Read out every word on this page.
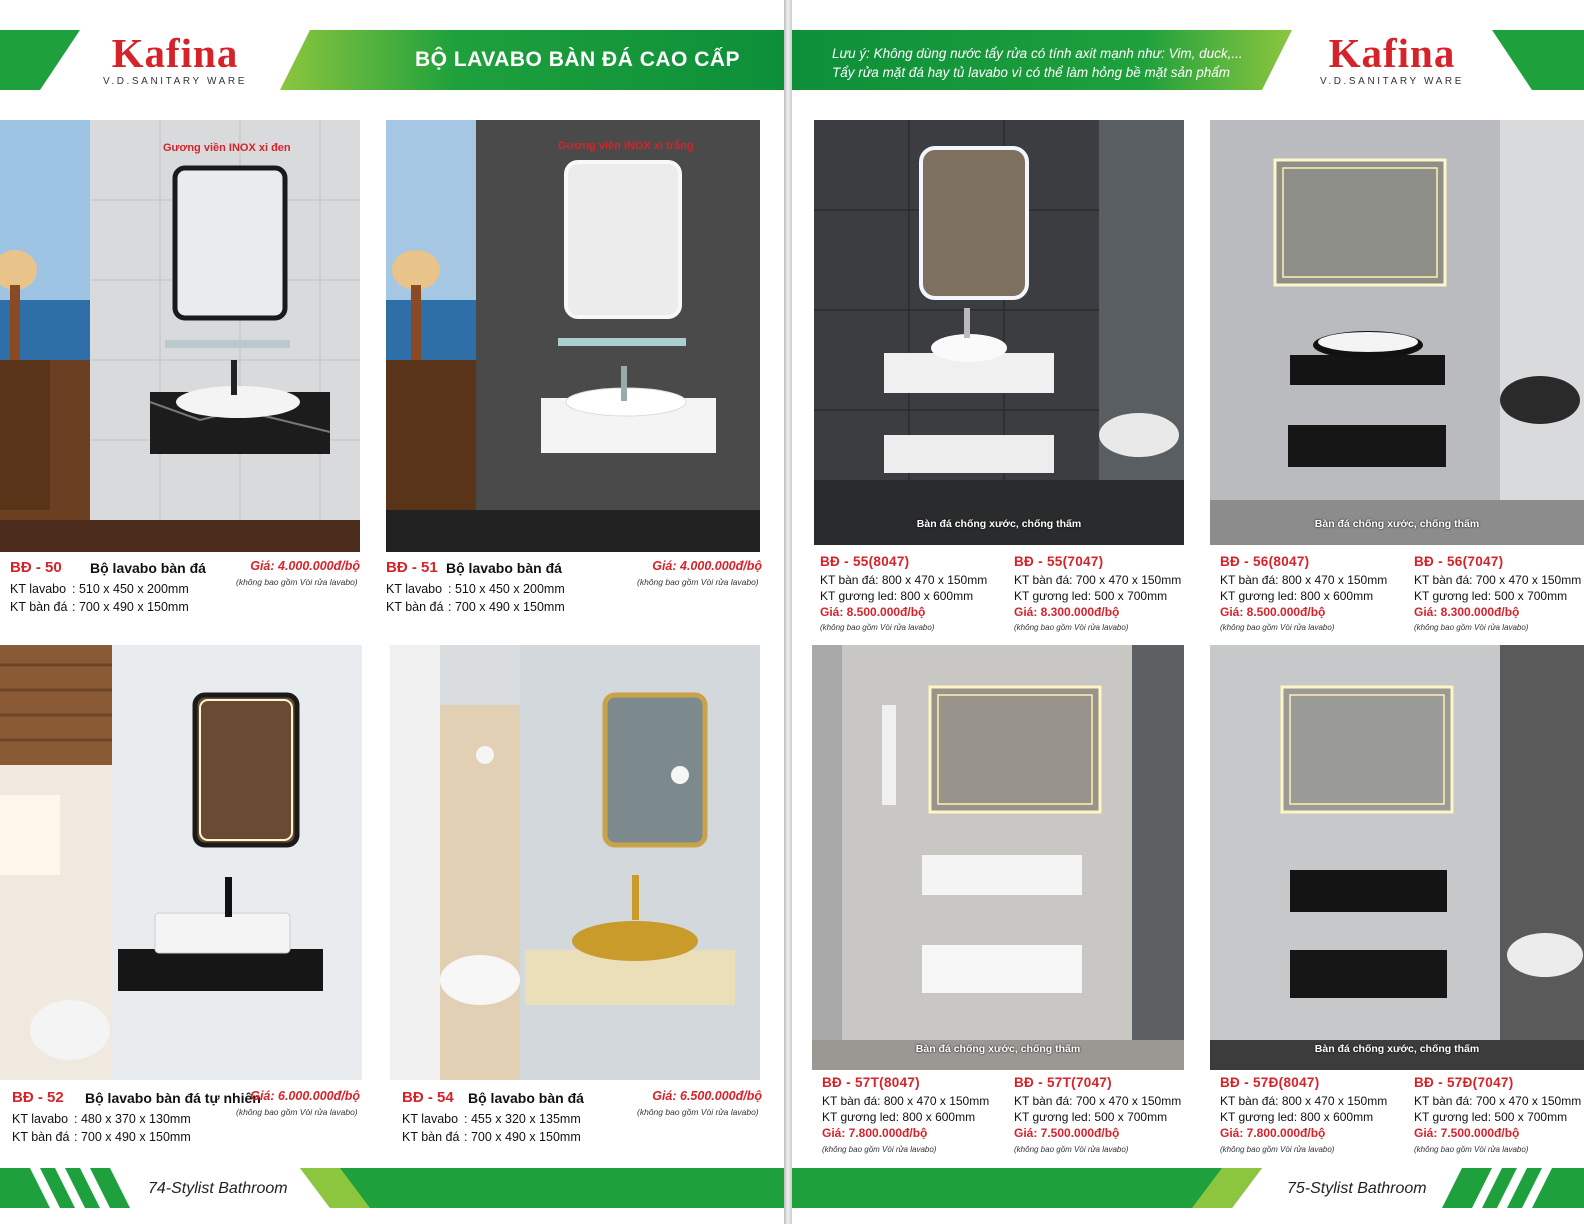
Kafina
V.D.SANITARY WARE
BỘ LAVABO BÀN ĐÁ CAO CẤP
Gương viền INOX xi đen	Gương viền INOX xi trắng
BĐ - 50 Bộ lavabo bàn đá	Giá: 4.000.000đ/bộ
(không bao gồm Vòi rửa lavabo)
KT lavabo : 510 x 450 x 200mm
KT bàn đá : 700 x 490 x 150mm
BĐ - 51 Bộ lavabo bàn đá	Giá: 4.000.000đ/bộ
(không bao gồm Vòi rửa lavabo)
KT lavabo : 510 x 450 x 200mm
KT bàn đá : 700 x 490 x 150mm
BĐ - 52 Bộ lavabo bàn đá tự nhiên
Giá: 6.000.000đ/bộ
(không bao gồm Vòi rửa lavabo)
KT lavabo : 480 x 370 x 130mm
KT bàn đá : 700 x 490 x 150mm
BĐ - 54 Bộ lavabo bàn đá	Giá: 6.500.000đ/bộ
(không bao gồm Vòi rửa lavabo)
KT lavabo : 455 x 320 x 135mm
KT bàn đá : 700 x 490 x 150mm
74-Stylist Bathroom
Lưu ý: Không dùng nước tẩy rửa có tính axit mạnh như: Vim, duck,...
Tẩy rửa mặt đá hay tủ lavabo vì có thể làm hỏng bề mặt sản phẩm	Kafina
V.D.SANITARY WARE
Bàn đá chống xước, chống thấm	Bàn đá chống xước, chống thấm
BĐ - 55(8047)
KT bàn đá: 800 x 470 x 150mm
KT gương led: 800 x 600mm
Giá: 8.500.000đ/bộ
(không bao gồm Vòi rửa lavabo)
BĐ - 55(7047)
KT bàn đá: 700 x 470 x 150mm
KT gương led: 500 x 700mm
Giá: 8.300.000đ/bộ
(không bao gồm Vòi rửa lavabo)
BĐ - 56(8047)
KT bàn đá: 800 x 470 x 150mm
KT gương led: 800 x 600mm
Giá: 8.500.000đ/bộ
(không bao gồm Vòi rửa lavabo)
BĐ - 56(7047)
KT bàn đá: 700 x 470 x 150mm
KT gương led: 500 x 700mm
Giá: 8.300.000đ/bộ
(không bao gồm Vòi rửa lavabo)
Bàn đá chống xước, chống thấm	Bàn đá chống xước, chống thấm
BĐ - 57T(8047)
KT bàn đá: 800 x 470 x 150mm
KT gương led: 800 x 600mm
Giá: 7.800.000đ/bộ
(không bao gồm Vòi rửa lavabo)
BĐ - 57T(7047)
KT bàn đá: 700 x 470 x 150mm
KT gương led: 500 x 700mm
Giá: 7.500.000đ/bộ
(không bao gồm Vòi rửa lavabo)
BĐ - 57Đ(8047)
KT bàn đá: 800 x 470 x 150mm
KT gương led: 800 x 600mm
Giá: 7.800.000đ/bộ
(không bao gồm Vòi rửa lavabo)
BĐ - 57Đ(7047)
KT bàn đá: 700 x 470 x 150mm
KT gương led: 500 x 700mm
Giá: 7.500.000đ/bộ
(không bao gồm Vòi rửa lavabo)
75-Stylist Bathroom
